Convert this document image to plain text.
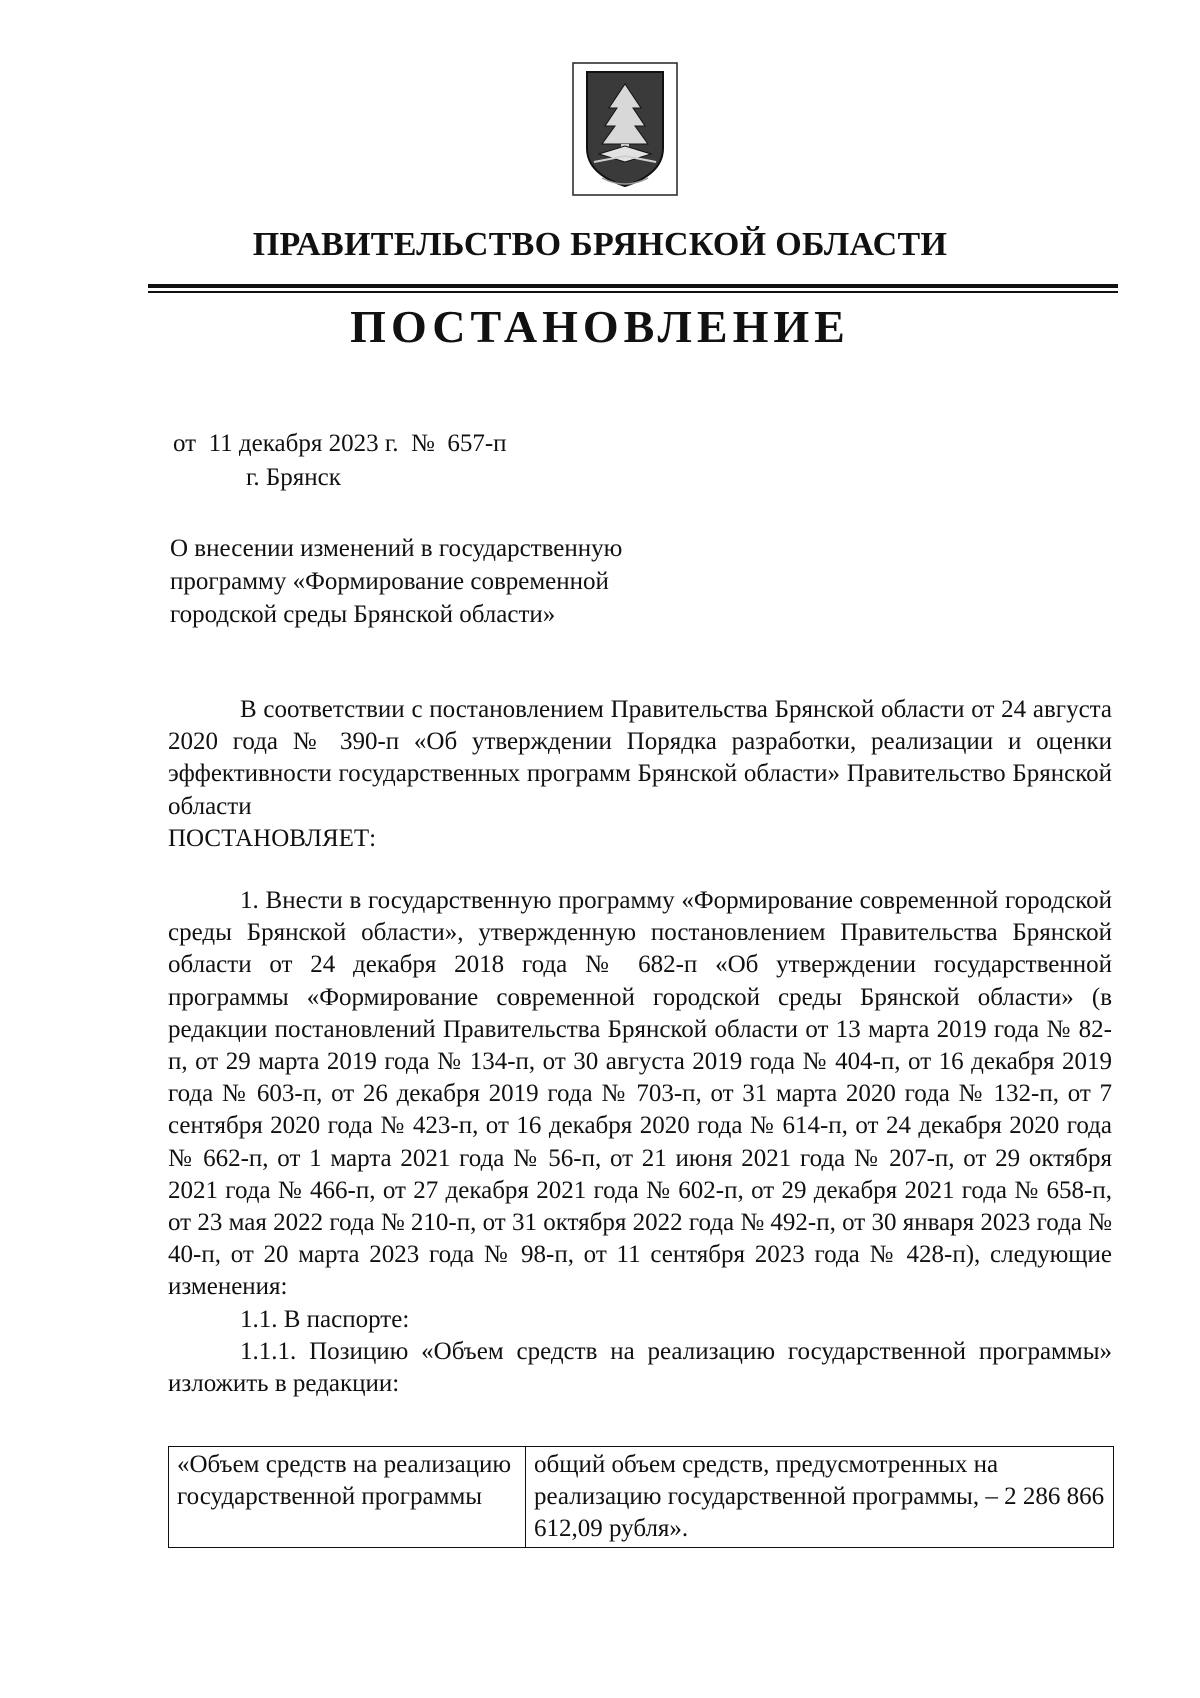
ПРАВИТЕЛЬСТВО БРЯНСКОЙ ОБЛАСТИ
ПОСТАНОВЛЕНИЕ
от  11 декабря 2023 г.  №  657-п
г. Брянск
О внесении изменений в государственную программу «Формирование современной городской среды Брянской области»

В соответствии с постановлением Правительства Брянской области от 24 августа 2020 года № 390-п «Об утверждении Порядка разработки, реализации и оценки эффективности государственных программ Брянской области» Правительство Брянской области

ПОСТАНОВЛЯЕТ:

1. Внести в государственную программу «Формирование современной городской среды Брянской области», утвержденную постановлением Правительства Брянской области от 24 декабря 2018 года № 682-п «Об утверждении государственной программы «Формирование современной городской среды Брянской области» (в редакции постановлений Правительства Брянской области от 13 марта 2019 года № 82-п, от 29 марта 2019 года № 134-п, от 30 августа 2019 года № 404-п, от 16 декабря 2019 года № 603-п, от 26 декабря 2019 года № 703-п, от 31 марта 2020 года № 132-п, от 7 сентября 2020 года № 423-п, от 16 декабря 2020 года № 614-п, от 24 декабря 2020 года № 662-п, от 1 марта 2021 года № 56-п, от 21 июня 2021 года № 207-п, от 29 октября 2021 года № 466-п, от 27 декабря 2021 года № 602-п, от 29 декабря 2021 года № 658-п, от 23 мая 2022 года № 210-п, от 31 октября 2022 года № 492-п, от 30 января 2023 года № 40-п, от 20 марта 2023 года № 98-п, от 11 сентября 2023 года № 428-п), следующие изменения:

1.1. В паспорте:

1.1.1. Позицию «Объем средств на реализацию государственной программы» изложить в редакции:

«Объем средств на реализацию государственной программы	общий объем средств, предусмотренных на реализацию государственной программы, – 2 286 866 612,09 рубля».
